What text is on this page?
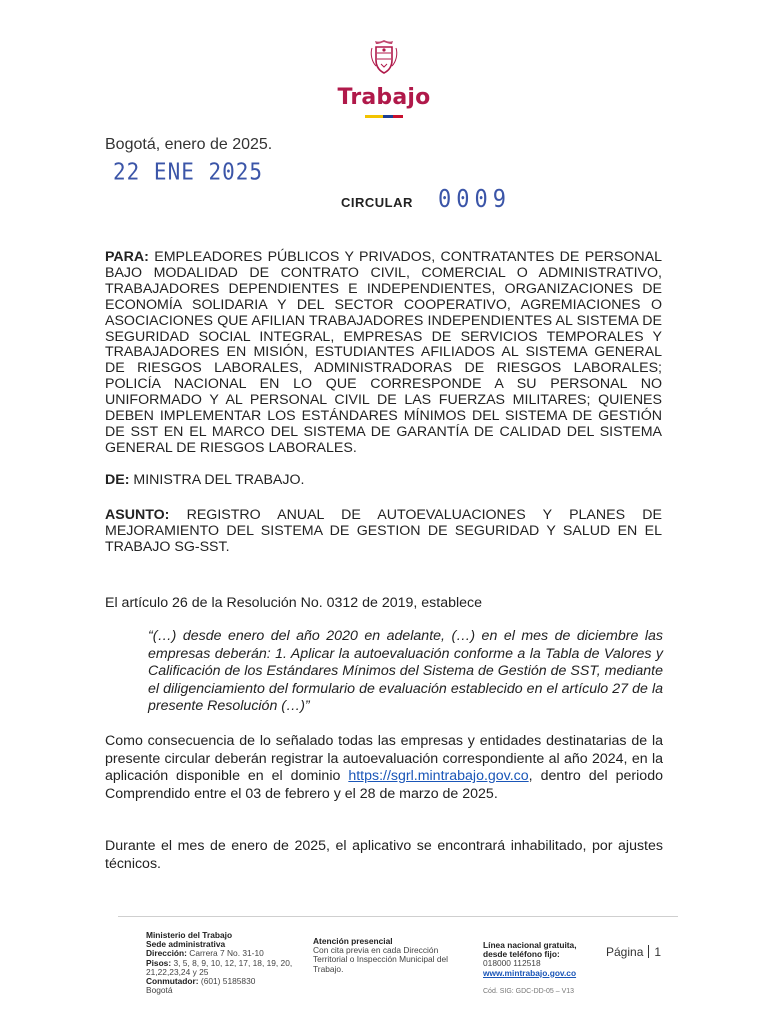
Trabajo
Bogotá, enero de 2025.
22 ENE 2025
CIRCULAR 0009
PARA: EMPLEADORES PÚBLICOS Y PRIVADOS, CONTRATANTES DE PERSONAL BAJO MODALIDAD DE CONTRATO CIVIL, COMERCIAL O ADMINISTRATIVO, TRABAJADORES DEPENDIENTES E INDEPENDIENTES, ORGANIZACIONES DE ECONOMÍA SOLIDARIA Y DEL SECTOR COOPERATIVO, AGREMIACIONES O ASOCIACIONES QUE AFILIAN TRABAJADORES INDEPENDIENTES AL SISTEMA DE SEGURIDAD SOCIAL INTEGRAL, EMPRESAS DE SERVICIOS TEMPORALES Y TRABAJADORES EN MISIÓN, ESTUDIANTES AFILIADOS AL SISTEMA GENERAL DE RIESGOS LABORALES, ADMINISTRADORAS DE RIESGOS LABORALES; POLICÍA NACIONAL EN LO QUE CORRESPONDE A SU PERSONAL NO UNIFORMADO Y AL PERSONAL CIVIL DE LAS FUERZAS MILITARES; QUIENES DEBEN IMPLEMENTAR LOS ESTÁNDARES MÍNIMOS DEL SISTEMA DE GESTIÓN DE SST EN EL MARCO DEL SISTEMA DE GARANTÍA DE CALIDAD DEL SISTEMA GENERAL DE RIESGOS LABORALES.
DE: MINISTRA DEL TRABAJO.
ASUNTO: REGISTRO ANUAL DE AUTOEVALUACIONES Y PLANES DE MEJORAMIENTO DEL SISTEMA DE GESTION DE SEGURIDAD Y SALUD EN EL TRABAJO SG-SST.
El artículo 26 de la Resolución No. 0312 de 2019, establece
“(…) desde enero del año 2020 en adelante, (…) en el mes de diciembre las empresas deberán: 1. Aplicar la autoevaluación conforme a la Tabla de Valores y Calificación de los Estándares Mínimos del Sistema de Gestión de SST, mediante el diligenciamiento del formulario de evaluación establecido en el artículo 27 de la presente Resolución (…)”
Como consecuencia de lo señalado todas las empresas y entidades destinatarias de la presente circular deberán registrar la autoevaluación correspondiente al año 2024, en la aplicación disponible en el dominio https://sgrl.mintrabajo.gov.co, dentro del periodo Comprendido entre el 03 de febrero y el 28 de marzo de 2025.
Durante el mes de enero de 2025, el aplicativo se encontrará inhabilitado, por ajustes técnicos.
Ministerio del Trabajo
Sede administrativa
Dirección: Carrera 7 No. 31-10
Pisos: 3, 5, 8, 9, 10, 12, 17, 18, 19, 20, 21,22,23,24 y 25
Conmutador: (601) 5185830
Bogotá
Atención presencial
Con cita previa en cada Dirección Territorial o Inspección Municipal del Trabajo.
Línea nacional gratuita,
desde teléfono fijo:
018000 112518
www.mintrabajo.gov.co
Cód. SIG: GDC-DD-05 – V13
Página 1
